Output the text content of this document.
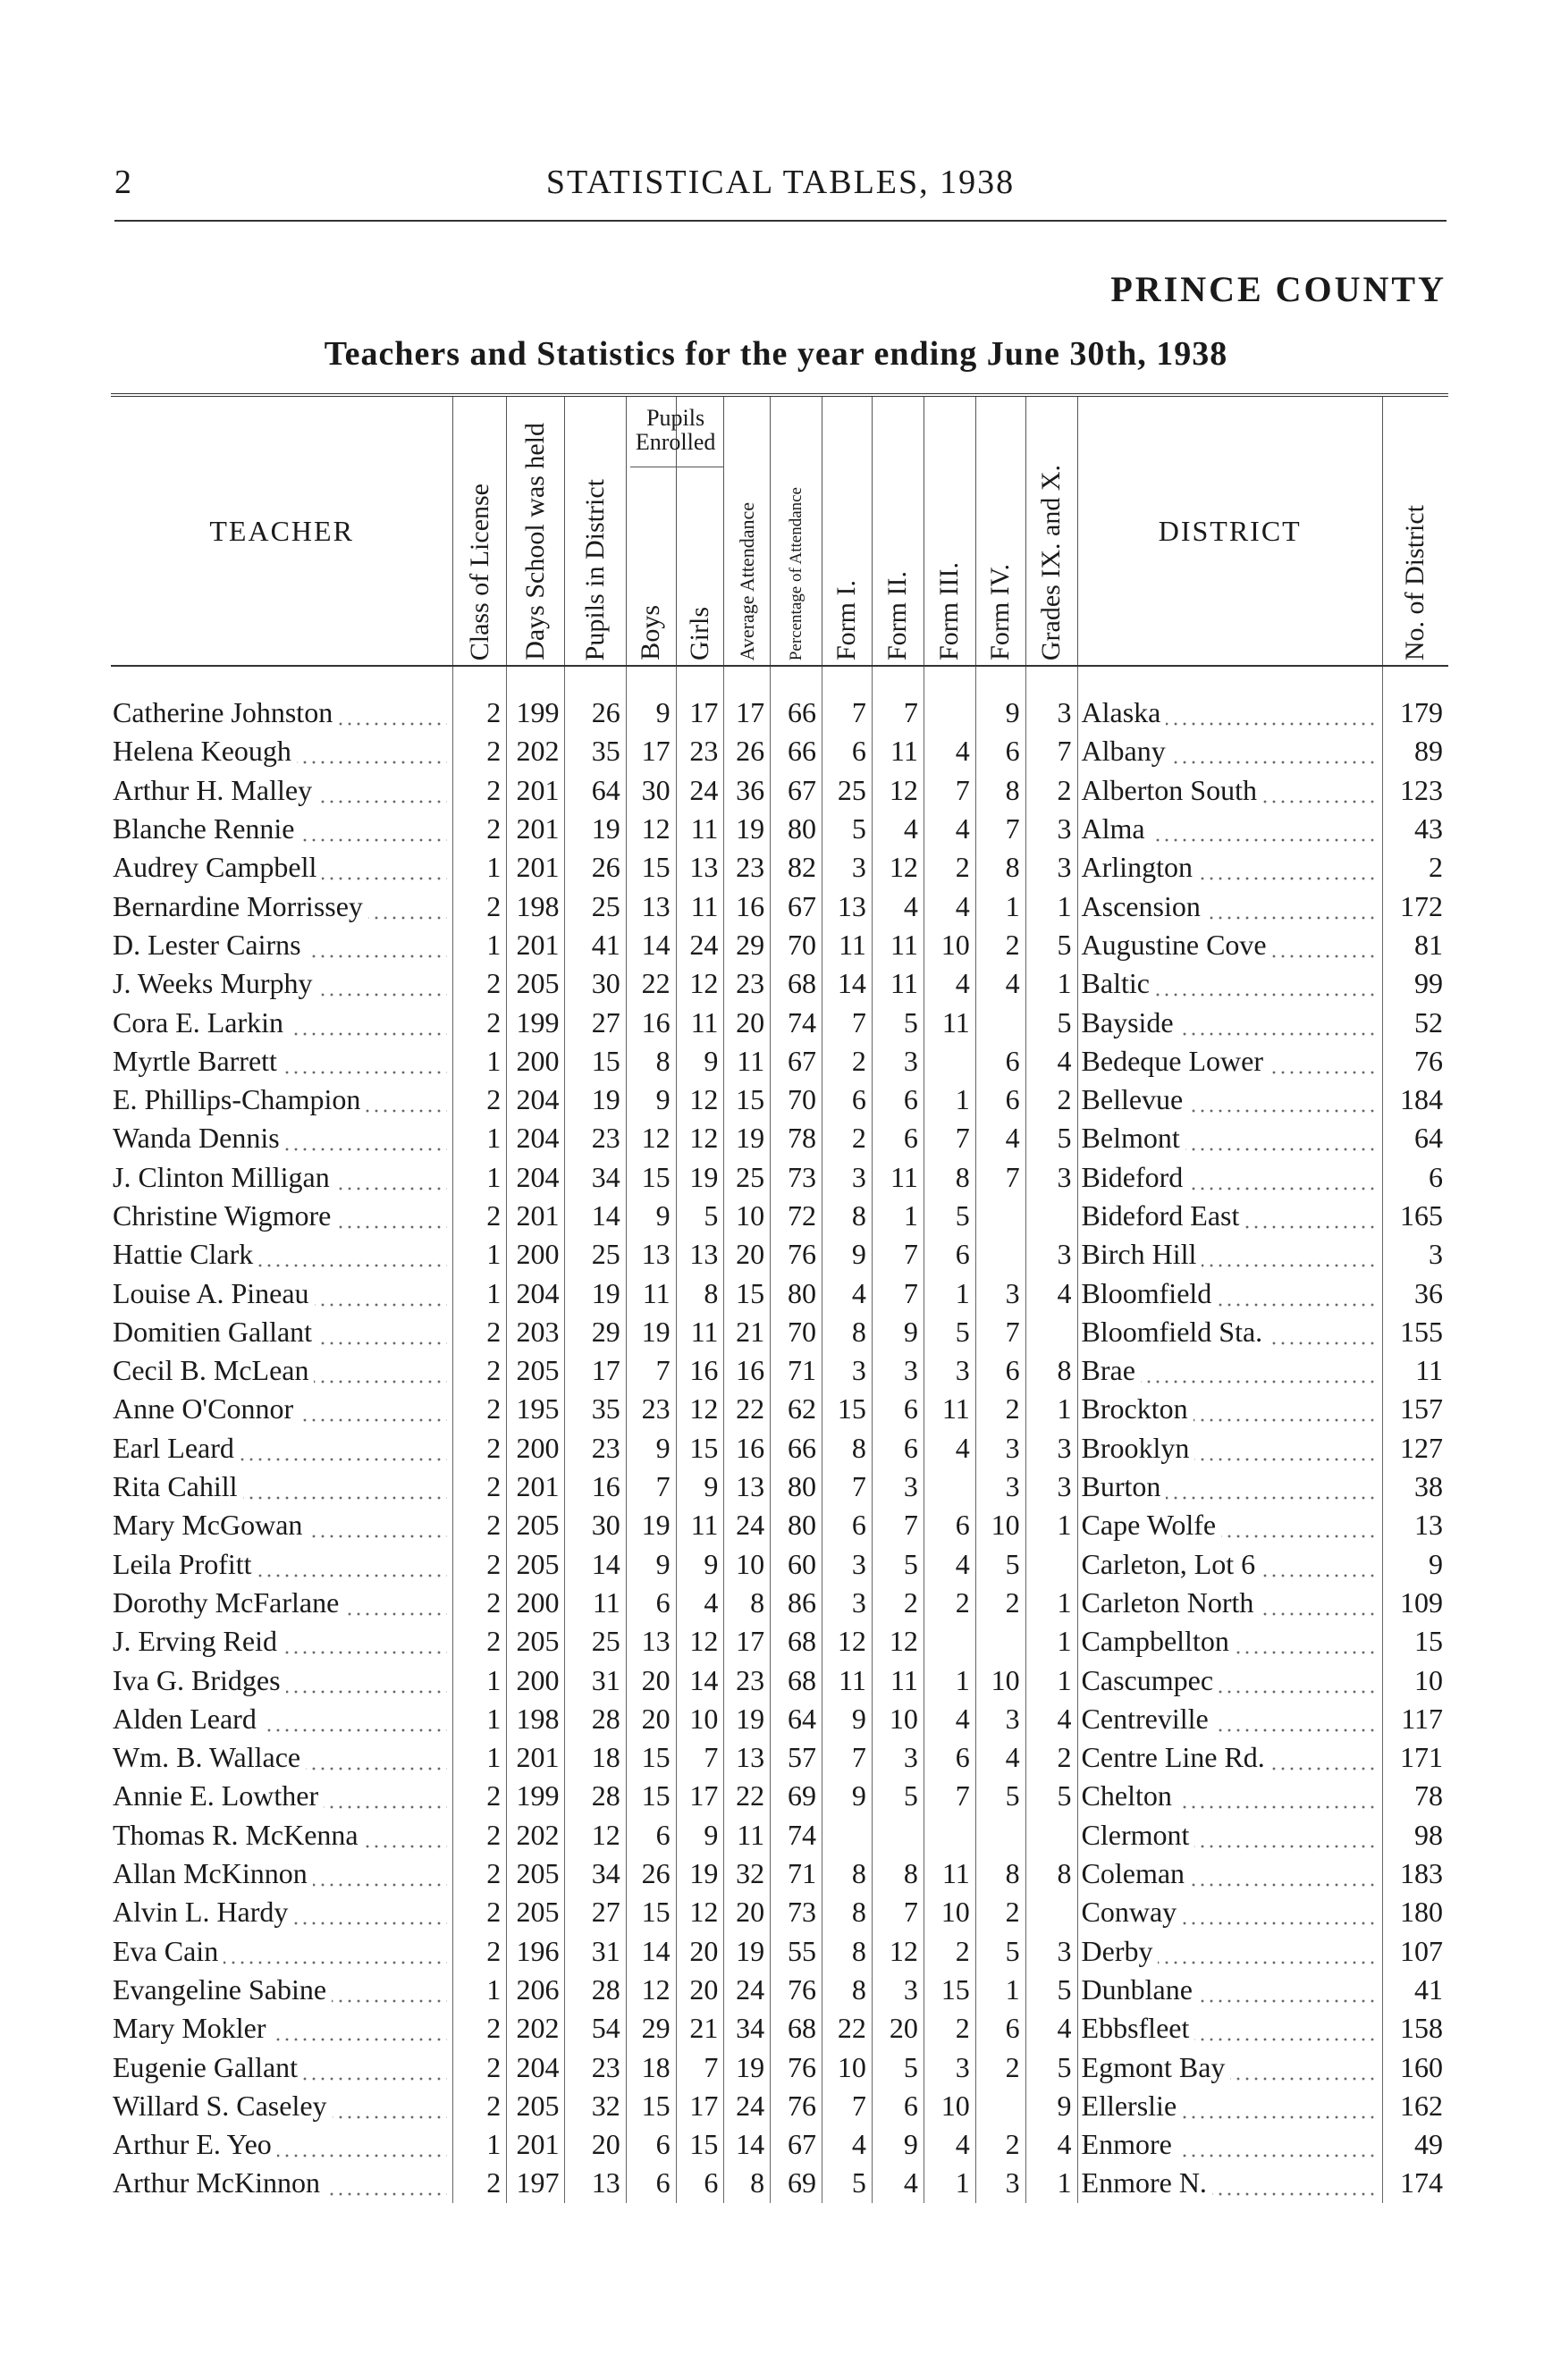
2	STATISTICAL TABLES, 1938
PRINCE COUNTY
Teachers and Statistics for the year ending June 30th, 1938
TEACHER	Class of License	Days School was held	Pupils in District	Pupils Enrolled
Boys	Girls	Average Attendance	Percentage of Attendance	Form I.	Form II.	Form III.	Form IV.	Grades IX. and X.	DISTRICT	No. of District

Catherine Johnston	2	199	26	9	17	17	66	7	7		9	3	Alaska	179

Helena Keough	2	202	35	17	23	26	66	6	11	4	6	7	Albany	89

Arthur H. Malley	2	201	64	30	24	36	67	25	12	7	8	2	Alberton South	123

Blanche Rennie	2	201	19	12	11	19	80	5	4	4	7	3	Alma	43

Audrey Campbell	1	201	26	15	13	23	82	3	12	2	8	3	Arlington	2

Bernardine Morrissey	2	198	25	13	11	16	67	13	4	4	1	1	Ascension	172

D. Lester Cairns	1	201	41	14	24	29	70	11	11	10	2	5	Augustine Cove	81

J. Weeks Murphy	2	205	30	22	12	23	68	14	11	4	4	1	Baltic	99

Cora E. Larkin	2	199	27	16	11	20	74	7	5	11		5	Bayside	52

Myrtle Barrett	1	200	15	8	9	11	67	2	3		6	4	Bedeque Lower	76

E. Phillips-Champion	2	204	19	9	12	15	70	6	6	1	6	2	Bellevue	184

Wanda Dennis	1	204	23	12	12	19	78	2	6	7	4	5	Belmont	64

J. Clinton Milligan	1	204	34	15	19	25	73	3	11	8	7	3	Bideford	6

Christine Wigmore	2	201	14	9	5	10	72	8	1	5			Bideford East	165

Hattie Clark	1	200	25	13	13	20	76	9	7	6		3	Birch Hill	3

Louise A. Pineau	1	204	19	11	8	15	80	4	7	1	3	4	Bloomfield	36

Domitien Gallant	2	203	29	19	11	21	70	8	9	5	7		Bloomfield Sta.	155

Cecil B. McLean	2	205	17	7	16	16	71	3	3	3	6	8	Brae	11

Anne O'Connor	2	195	35	23	12	22	62	15	6	11	2	1	Brockton	157

Earl Leard	2	200	23	9	15	16	66	8	6	4	3	3	Brooklyn	127

Rita Cahill	2	201	16	7	9	13	80	7	3		3	3	Burton	38

Mary McGowan	2	205	30	19	11	24	80	6	7	6	10	1	Cape Wolfe	13

Leila Profitt	2	205	14	9	9	10	60	3	5	4	5		Carleton, Lot 6	9

Dorothy McFarlane	2	200	11	6	4	8	86	3	2	2	2	1	Carleton North	109

J. Erving Reid	2	205	25	13	12	17	68	12	12			1	Campbellton	15

Iva G. Bridges	1	200	31	20	14	23	68	11	11	1	10	1	Cascumpec	10

Alden Leard	1	198	28	20	10	19	64	9	10	4	3	4	Centreville	117

Wm. B. Wallace	1	201	18	15	7	13	57	7	3	6	4	2	Centre Line Rd.	171

Annie E. Lowther	2	199	28	15	17	22	69	9	5	7	5	5	Chelton	78

Thomas R. McKenna	2	202	12	6	9	11	74						Clermont	98

Allan McKinnon	2	205	34	26	19	32	71	8	8	11	8	8	Coleman	183

Alvin L. Hardy	2	205	27	15	12	20	73	8	7	10	2		Conway	180

Eva Cain	2	196	31	14	20	19	55	8	12	2	5	3	Derby	107

Evangeline Sabine	1	206	28	12	20	24	76	8	3	15	1	5	Dunblane	41

Mary Mokler	2	202	54	29	21	34	68	22	20	2	6	4	Ebbsfleet	158

Eugenie Gallant	2	204	23	18	7	19	76	10	5	3	2	5	Egmont Bay	160

Willard S. Caseley	2	205	32	15	17	24	76	7	6	10		9	Ellerslie	162

Arthur E. Yeo	1	201	20	6	15	14	67	4	9	4	2	4	Enmore	49

Arthur McKinnon	2	197	13	6	6	8	69	5	4	1	3	1	Enmore N.	174
